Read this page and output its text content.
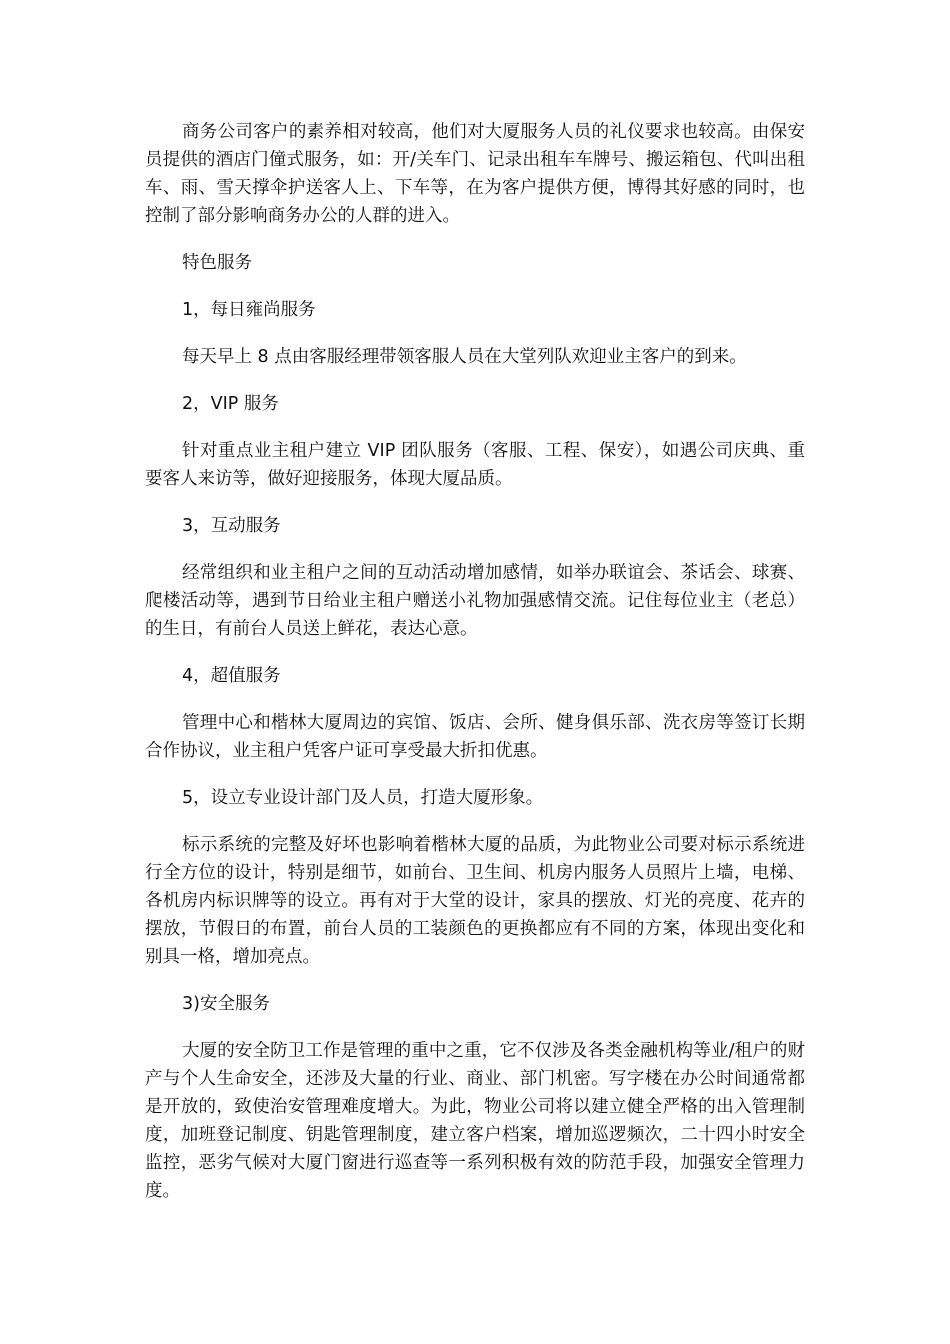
商务公司客户的素养相对较高，他们对大厦服务人员的礼仪要求也较高。由保安员提供的酒店门僮式服务，如：开/关车门、记录出租车车牌号、搬运箱包、代叫出租车、雨、雪天撑伞护送客人上、下车等，在为客户提供方便，博得其好感的同时，也控制了部分影响商务办公的人群的进入。

特色服务

1，每日雍尚服务

每天早上 8 点由客服经理带领客服人员在大堂列队欢迎业主客户的到来。

2，VIP 服务

针对重点业主租户建立 VIP 团队服务（客服、工程、保安），如遇公司庆典、重要客人来访等，做好迎接服务，体现大厦品质。

3，互动服务

经常组织和业主租户之间的互动活动增加感情，如举办联谊会、茶话会、球赛、爬楼活动等，遇到节日给业主租户赠送小礼物加强感情交流。记住每位业主（老总）的生日，有前台人员送上鲜花，表达心意。

4，超值服务

管理中心和楷林大厦周边的宾馆、饭店、会所、健身俱乐部、洗衣房等签订长期合作协议，业主租户凭客户证可享受最大折扣优惠。

5，设立专业设计部门及人员，打造大厦形象。

标示系统的完整及好坏也影响着楷林大厦的品质，为此物业公司要对标示系统进行全方位的设计，特别是细节，如前台、卫生间、机房内服务人员照片上墙，电梯、各机房内标识牌等的设立。再有对于大堂的设计，家具的摆放、灯光的亮度、花卉的摆放，节假日的布置，前台人员的工装颜色的更换都应有不同的方案，体现出变化和别具一格，增加亮点。

3)安全服务

大厦的安全防卫工作是管理的重中之重，它不仅涉及各类金融机构等业/租户的财产与个人生命安全，还涉及大量的行业、商业、部门机密。写字楼在办公时间通常都是开放的，致使治安管理难度增大。为此，物业公司将以建立健全严格的出入管理制度，加班登记制度、钥匙管理制度，建立客户档案，增加巡逻频次，二十四小时安全监控，恶劣气候对大厦门窗进行巡查等一系列积极有效的防范手段，加强安全管理力度。
